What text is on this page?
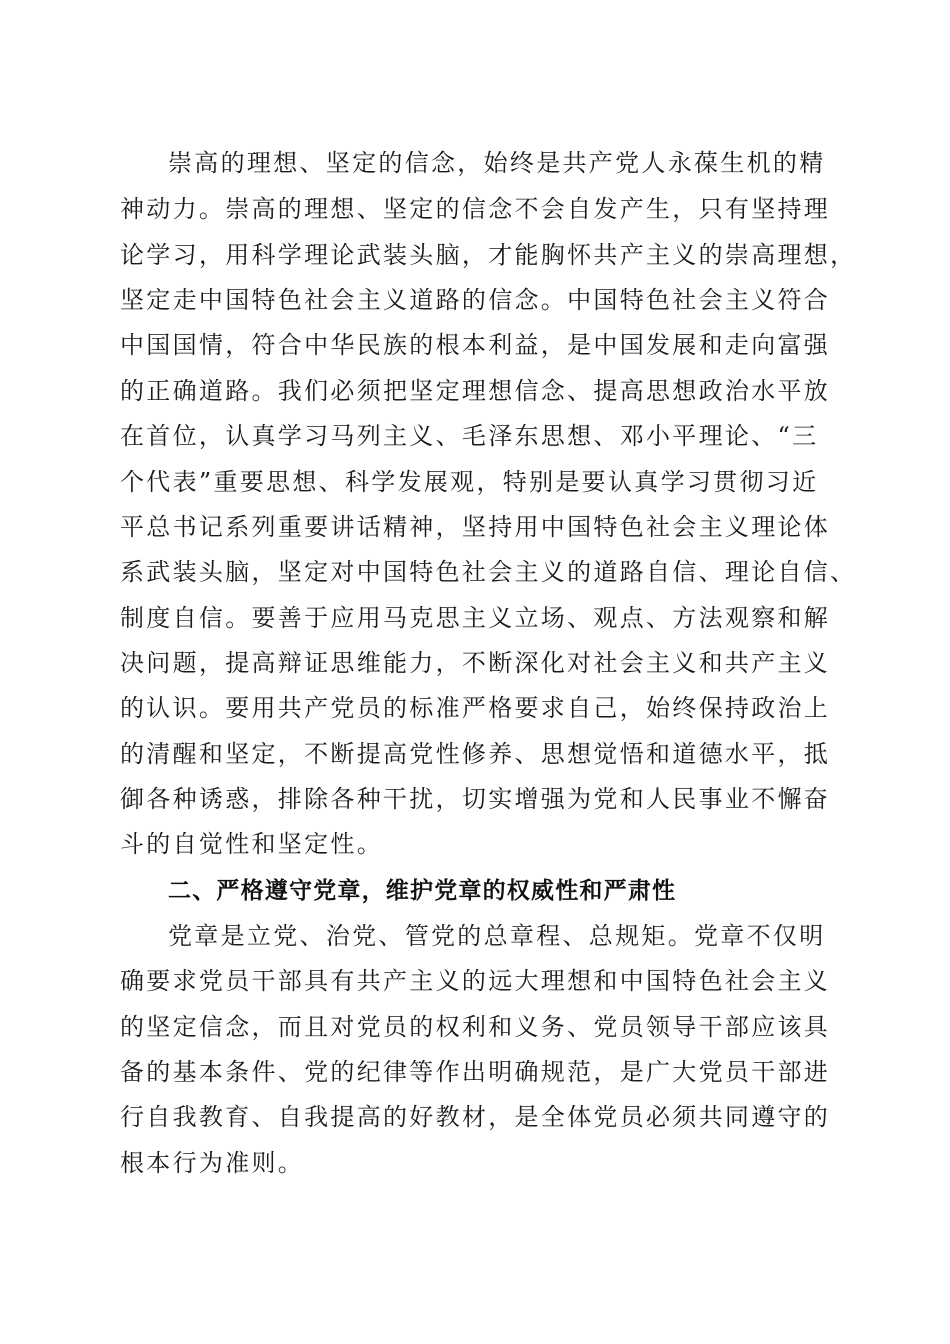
崇高的理想、坚定的信念，始终是共产党人永葆生机的精
神动力。崇高的理想、坚定的信念不会自发产生，只有坚持理
论学习，用科学理论武装头脑，才能胸怀共产主义的崇高理想，
坚定走中国特色社会主义道路的信念。中国特色社会主义符合
中国国情，符合中华民族的根本利益，是中国发展和走向富强
的正确道路。我们必须把坚定理想信念、提高思想政治水平放
在首位，认真学习马列主义、毛泽东思想、邓小平理论、“三
个代表”重要思想、科学发展观，特别是要认真学习贯彻习近
平总书记系列重要讲话精神，坚持用中国特色社会主义理论体
系武装头脑，坚定对中国特色社会主义的道路自信、理论自信、
制度自信。要善于应用马克思主义立场、观点、方法观察和解
决问题，提高辩证思维能力，不断深化对社会主义和共产主义
的认识。要用共产党员的标准严格要求自己，始终保持政治上
的清醒和坚定，不断提高党性修养、思想觉悟和道德水平，抵
御各种诱惑，排除各种干扰，切实增强为党和人民事业不懈奋
斗的自觉性和坚定性。
二、严格遵守党章，维护党章的权威性和严肃性
党章是立党、治党、管党的总章程、总规矩。党章不仅明
确要求党员干部具有共产主义的远大理想和中国特色社会主义
的坚定信念，而且对党员的权利和义务、党员领导干部应该具
备的基本条件、党的纪律等作出明确规范，是广大党员干部进
行自我教育、自我提高的好教材，是全体党员必须共同遵守的
根本行为准则。
